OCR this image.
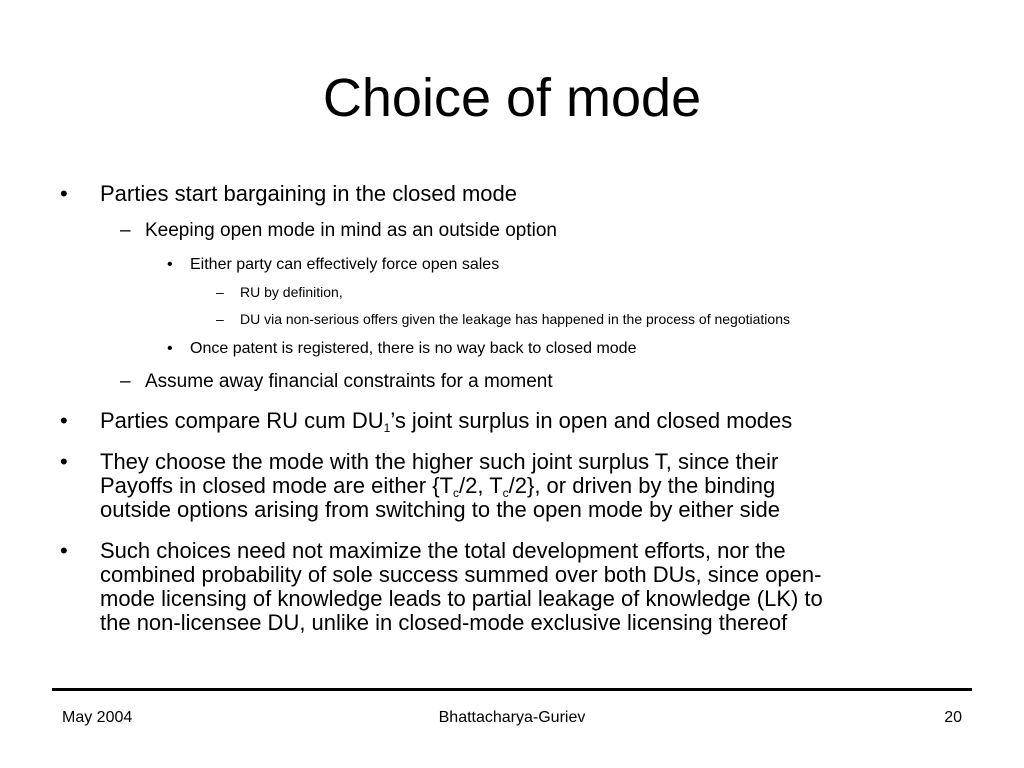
Choice of mode
• Parties start bargaining in the closed mode
– Keeping open mode in mind as an outside option
• Either party can effectively force open sales
– RU by definition,
– DU via non-serious offers given the leakage has happened in the process of negotiations
• Once patent is registered, there is no way back to closed mode
– Assume away financial constraints for a moment
• Parties compare RU cum $DU_1’s$ joint surplus in open and closed modes
• They choose the mode with the higher such joint surplus T, since their
Payoffs in closed mode are either {$T_c/2$, $T_c/2$}, or driven by the binding
outside options arising from switching to the open mode by either side
• Such choices need not maximize the total development efforts, nor the
combined probability of sole success summed over both DUs, since open-
mode licensing of knowledge leads to partial leakage of knowledge (LK) to
the non-licensee DU, unlike in closed-mode exclusive licensing thereof
May 2004	Bhattacharya-Guriev	20
